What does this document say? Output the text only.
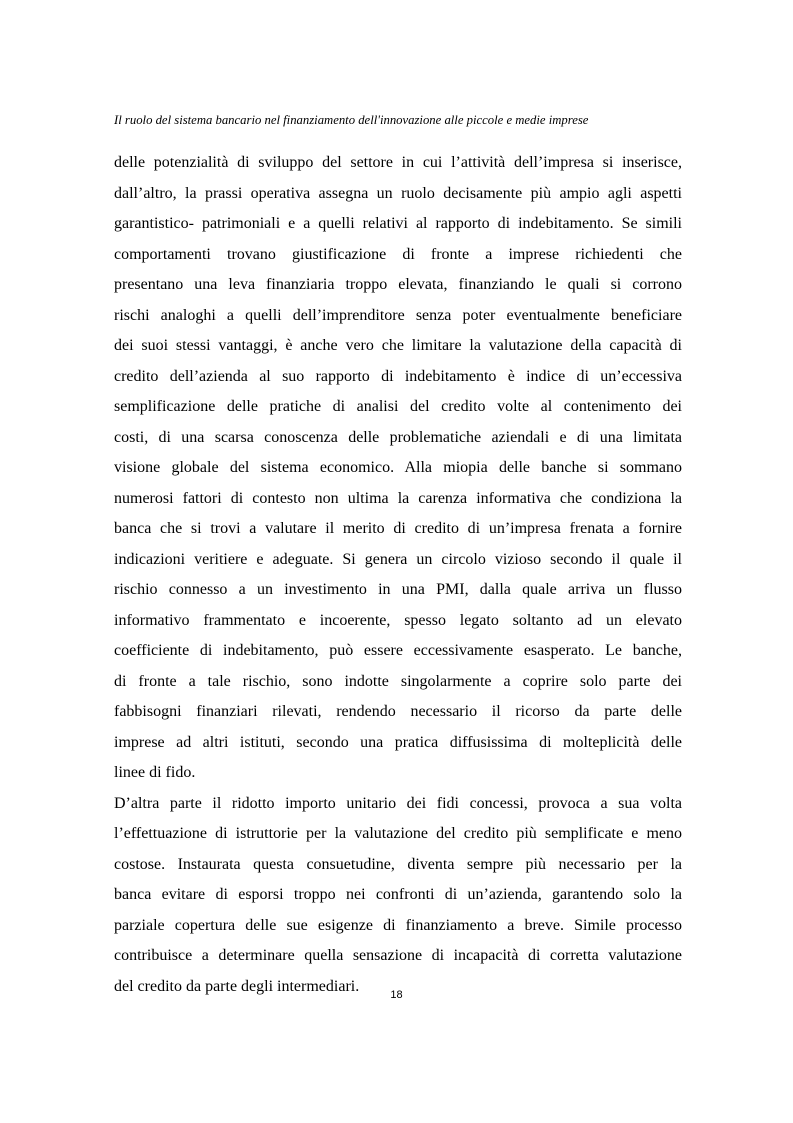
Il ruolo del sistema bancario nel finanziamento dell'innovazione alle piccole e medie imprese
delle potenzialità di sviluppo del settore in cui l’attività dell’impresa si inserisce,
dall’altro, la prassi operativa assegna un ruolo decisamente più ampio agli aspetti
garantistico- patrimoniali e a quelli relativi al rapporto di indebitamento. Se simili
comportamenti trovano giustificazione di fronte a imprese richiedenti che
presentano una leva finanziaria troppo elevata, finanziando le quali si corrono
rischi analoghi a quelli dell’imprenditore senza poter eventualmente beneficiare
dei suoi stessi vantaggi, è anche vero che limitare la valutazione della capacità di
credito dell’azienda al suo rapporto di indebitamento è indice di un’eccessiva
semplificazione delle pratiche di analisi del credito volte al contenimento dei
costi, di una scarsa conoscenza delle problematiche aziendali e di una limitata
visione globale del sistema economico. Alla miopia delle banche si sommano
numerosi fattori di contesto non ultima la carenza informativa che condiziona la
banca che si trovi a valutare il merito di credito di un’impresa frenata a fornire
indicazioni veritiere e adeguate. Si genera un circolo vizioso secondo il quale il
rischio connesso a un investimento in una PMI, dalla quale arriva un flusso
informativo frammentato e incoerente, spesso legato soltanto ad un elevato
coefficiente di indebitamento, può essere eccessivamente esasperato. Le banche,
di fronte a tale rischio, sono indotte singolarmente a coprire solo parte dei
fabbisogni finanziari rilevati, rendendo necessario il ricorso da parte delle
imprese ad altri istituti, secondo una pratica diffusissima di molteplicità delle
linee di fido.
D’altra parte il ridotto importo unitario dei fidi concessi, provoca a sua volta
l’effettuazione di istruttorie per la valutazione del credito più semplificate e meno
costose. Instaurata questa consuetudine, diventa sempre più necessario per la
banca evitare di esporsi troppo nei confronti di un’azienda, garantendo solo la
parziale copertura delle sue esigenze di finanziamento a breve. Simile processo
contribuisce a determinare quella sensazione di incapacità di corretta valutazione
del credito da parte degli intermediari.
18
